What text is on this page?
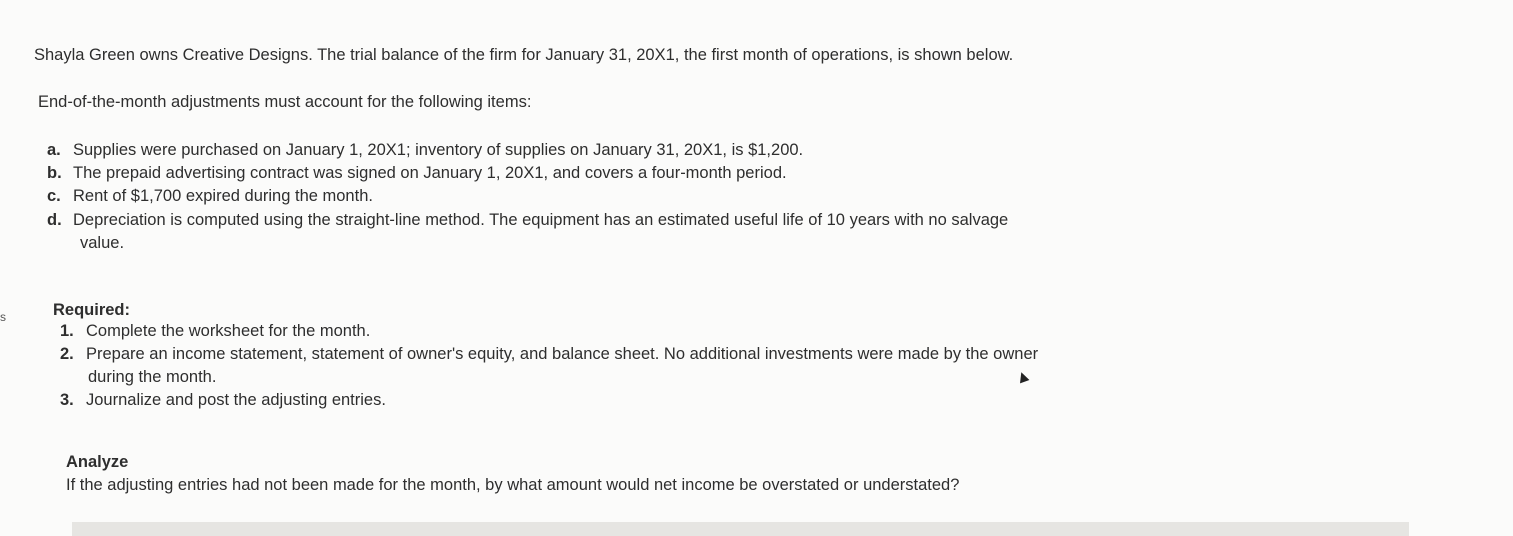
s
Shayla Green owns Creative Designs. The trial balance of the firm for January 31, 20X1, the first month of operations, is shown below.
End-of-the-month adjustments must account for the following items:
a. Supplies were purchased on January 1, 20X1; inventory of supplies on January 31, 20X1, is $1,200.
b. The prepaid advertising contract was signed on January 1, 20X1, and covers a four-month period.
c. Rent of $1,700 expired during the month.
d. Depreciation is computed using the straight-line method. The equipment has an estimated useful life of 10 years with no salvage
value.
Required:
1. Complete the worksheet for the month.
2. Prepare an income statement, statement of owner's equity, and balance sheet. No additional investments were made by the owner
during the month.
3. Journalize and post the adjusting entries.
Analyze
If the adjusting entries had not been made for the month, by what amount would net income be overstated or understated?
